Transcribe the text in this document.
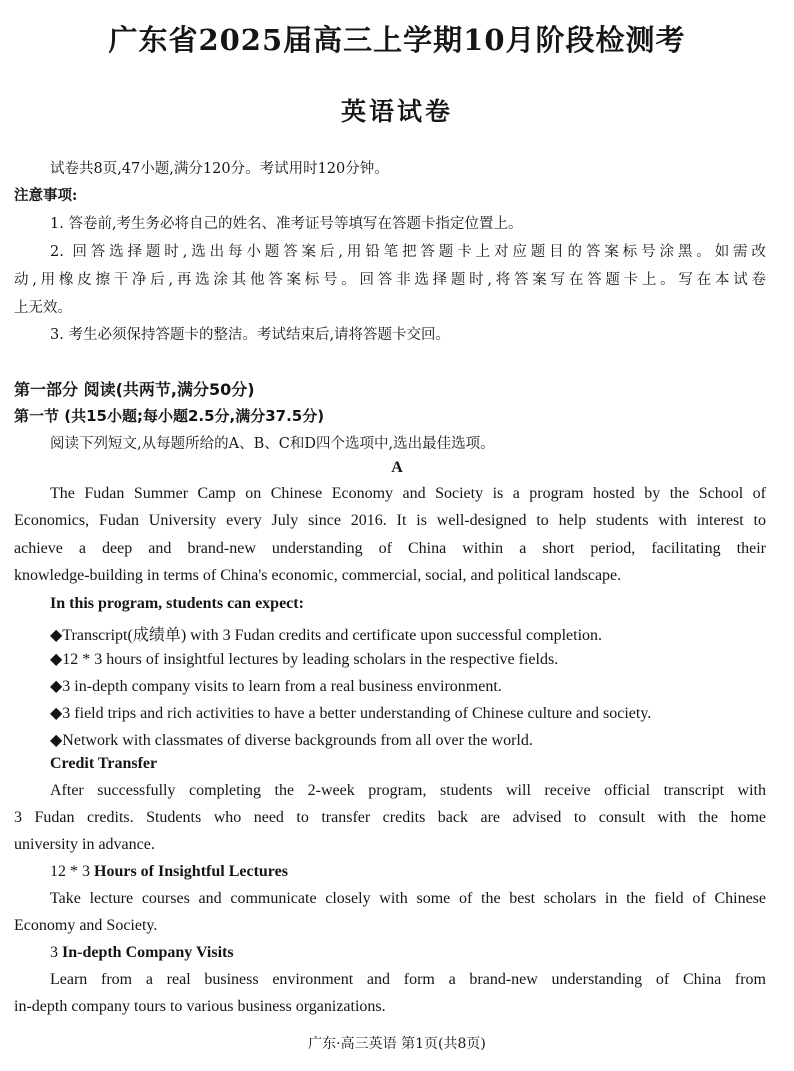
广东省2025届高三上学期10月阶段检测考
英语试卷
试卷共8页,47小题,满分120分。考试用时120分钟。
注意事项:
1. 答卷前,考生务必将自己的姓名、准考证号等填写在答题卡指定位置上。
2. 回答选择题时,选出每小题答案后,用铅笔把答题卡上对应题目的答案标号涂黑。如需改
动,用橡皮擦干净后,再选涂其他答案标号。回答非选择题时,将答案写在答题卡上。写在本试卷
上无效。
3. 考生必须保持答题卡的整洁。考试结束后,请将答题卡交回。
第一部分 阅读(共两节,满分50分)
第一节 (共15小题;每小题2.5分,满分37.5分)
阅读下列短文,从每题所给的A、B、C和D四个选项中,选出最佳选项。
A
The Fudan Summer Camp on Chinese Economy and Society is a program hosted by the School of
Economics, Fudan University every July since 2016. It is well-designed to help students with interest to
achieve a deep and brand-new understanding of China within a short period, facilitating their
knowledge-building in terms of China's economic, commercial, social, and political landscape.
In this program, students can expect:
◆Transcript(成绩单) with 3 Fudan credits and certificate upon successful completion.
◆12 * 3 hours of insightful lectures by leading scholars in the respective fields.
◆3 in-depth company visits to learn from a real business environment.
◆3 field trips and rich activities to have a better understanding of Chinese culture and society.
◆Network with classmates of diverse backgrounds from all over the world.
Credit Transfer
After successfully completing the 2-week program, students will receive official transcript with
3 Fudan credits. Students who need to transfer credits back are advised to consult with the home
university in advance.
12 * 3 Hours of Insightful Lectures
Take lecture courses and communicate closely with some of the best scholars in the field of Chinese
Economy and Society.
3 In-depth Company Visits
Learn from a real business environment and form a brand-new understanding of China from
in-depth company tours to various business organizations.
广东·高三英语 第1页(共8页)
